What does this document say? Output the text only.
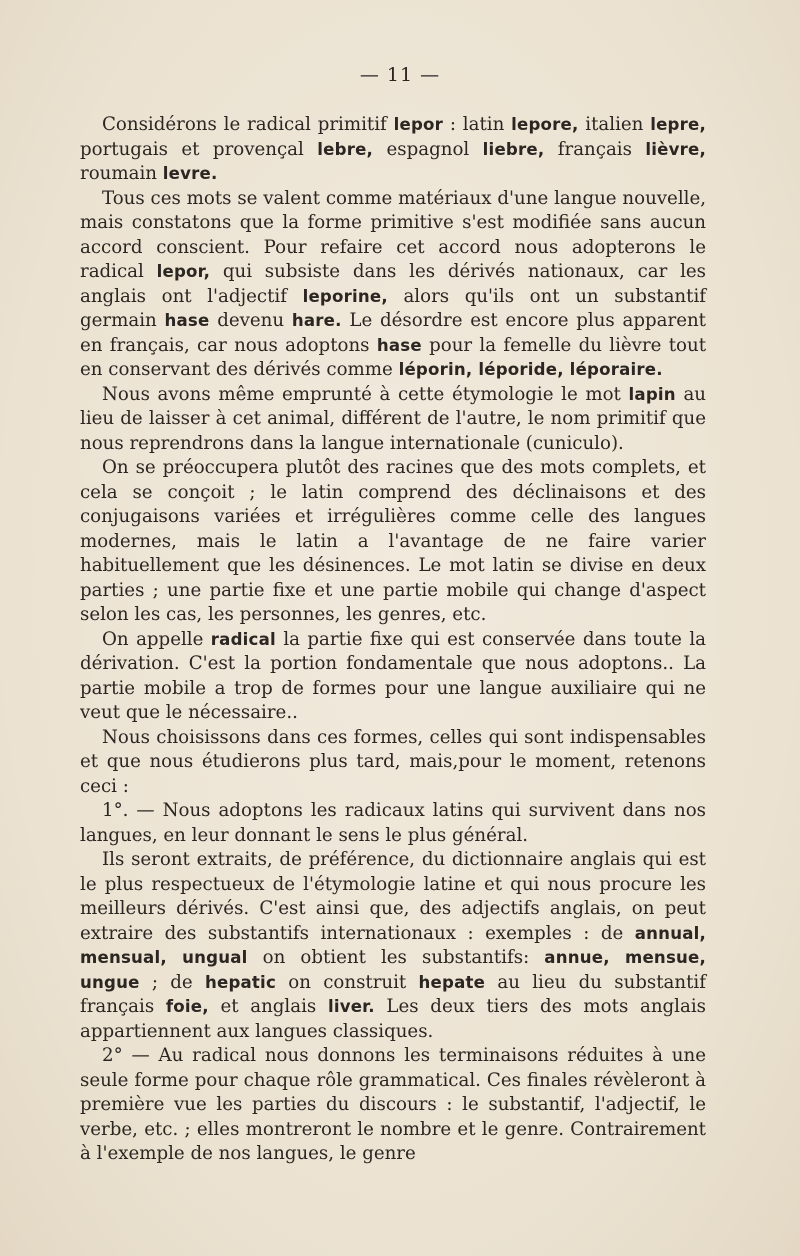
— 11 —

Considérons le radical primitif lepor : latin lepore, italien lepre, portugais et provençal lebre, espagnol liebre, français lièvre, roumain levre.

Tous ces mots se valent comme matériaux d'une langue nouvelle, mais constatons que la forme primitive s'est modifiée sans aucun accord conscient. Pour refaire cet accord nous adopterons le radical lepor, qui subsiste dans les dérivés nationaux, car les anglais ont l'adjectif leporine, alors qu'ils ont un substantif germain hase devenu hare. Le désordre est encore plus apparent en français, car nous adoptons hase pour la femelle du lièvre tout en conservant des dérivés comme léporin, léporide, léporaire.

Nous avons même emprunté à cette étymologie le mot lapin au lieu de laisser à cet animal, différent de l'autre, le nom primitif que nous reprendrons dans la langue internationale (cuniculo).

On se préoccupera plutôt des racines que des mots complets, et cela se conçoit ; le latin comprend des déclinaisons et des conjugaisons variées et irrégulières comme celle des langues modernes, mais le latin a l'avantage de ne faire varier habituellement que les désinences. Le mot latin se divise en deux parties ; une partie fixe et une partie mobile qui change d'aspect selon les cas, les personnes, les genres, etc.

On appelle radical la partie fixe qui est conservée dans toute la dérivation. C'est la portion fondamentale que nous adoptons.. La partie mobile a trop de formes pour une langue auxiliaire qui ne veut que le nécessaire..

Nous choisissons dans ces formes, celles qui sont indispensables et que nous étudierons plus tard, mais,pour le moment, retenons ceci :

1°. — Nous adoptons les radicaux latins qui survivent dans nos langues, en leur donnant le sens le plus général.

Ils seront extraits, de préférence, du dictionnaire anglais qui est le plus respectueux de l'étymologie latine et qui nous procure les meilleurs dérivés. C'est ainsi que, des adjectifs anglais, on peut extraire des substantifs internationaux : exemples : de annual, mensual, ungual on obtient les substantifs: annue, mensue, ungue ; de hepatic on construit hepate au lieu du substantif français foie, et anglais liver. Les deux tiers des mots anglais appartiennent aux langues classiques.

2° — Au radical nous donnons les terminaisons réduites à une seule forme pour chaque rôle grammatical. Ces finales révèleront à première vue les parties du discours : le substantif, l'adjectif, le verbe, etc. ; elles montreront le nombre et le genre. Contrairement à l'exemple de nos langues, le genre
